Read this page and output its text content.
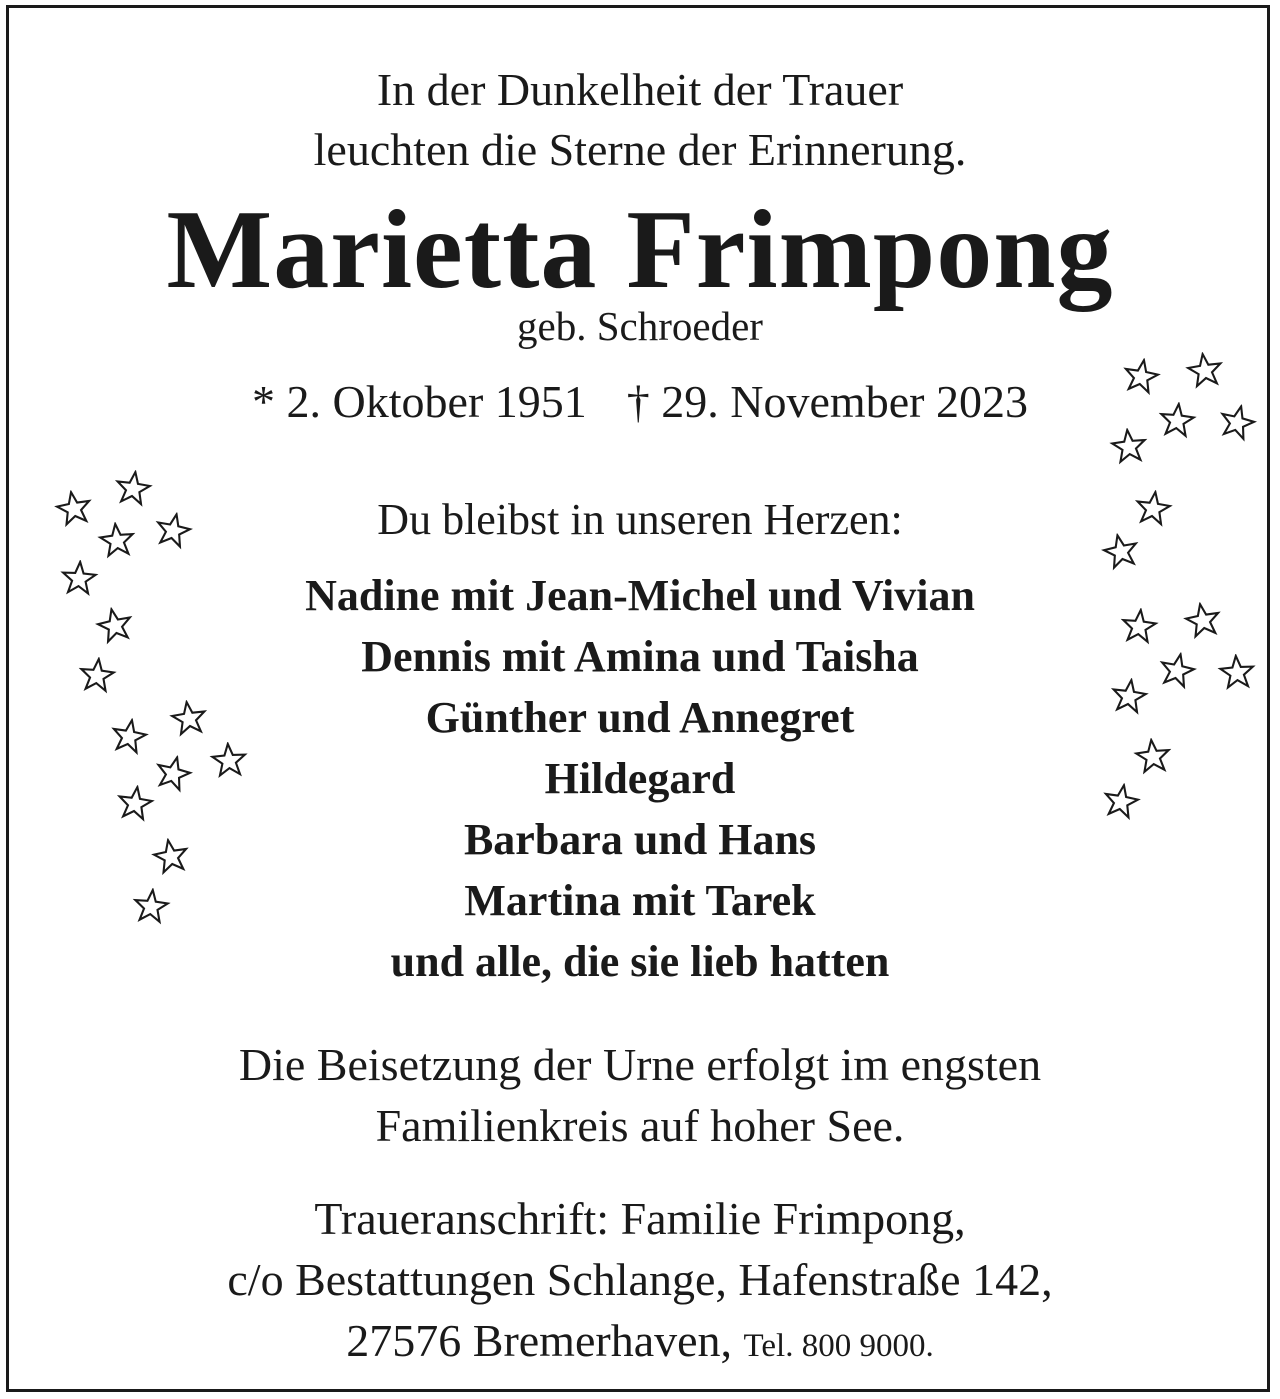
In der Dunkelheit der Trauer

leuchten die Sterne der Erinnerung.

Marietta Frimpong

geb. Schroeder

* 2. Oktober 1951 † 29. November 2023

Du bleibst in unseren Herzen:

Nadine mit Jean-Michel und Vivian

Dennis mit Amina und Taisha

Günther und Annegret

Hildegard

Barbara und Hans

Martina mit Tarek

und alle, die sie lieb hatten

Die Beisetzung der Urne erfolgt im engsten

Familienkreis auf hoher See.

Traueranschrift: Familie Frimpong,

c/o Bestattungen Schlange, Hafenstraße 142,

27576 Bremerhaven, Tel. 800 9000.
